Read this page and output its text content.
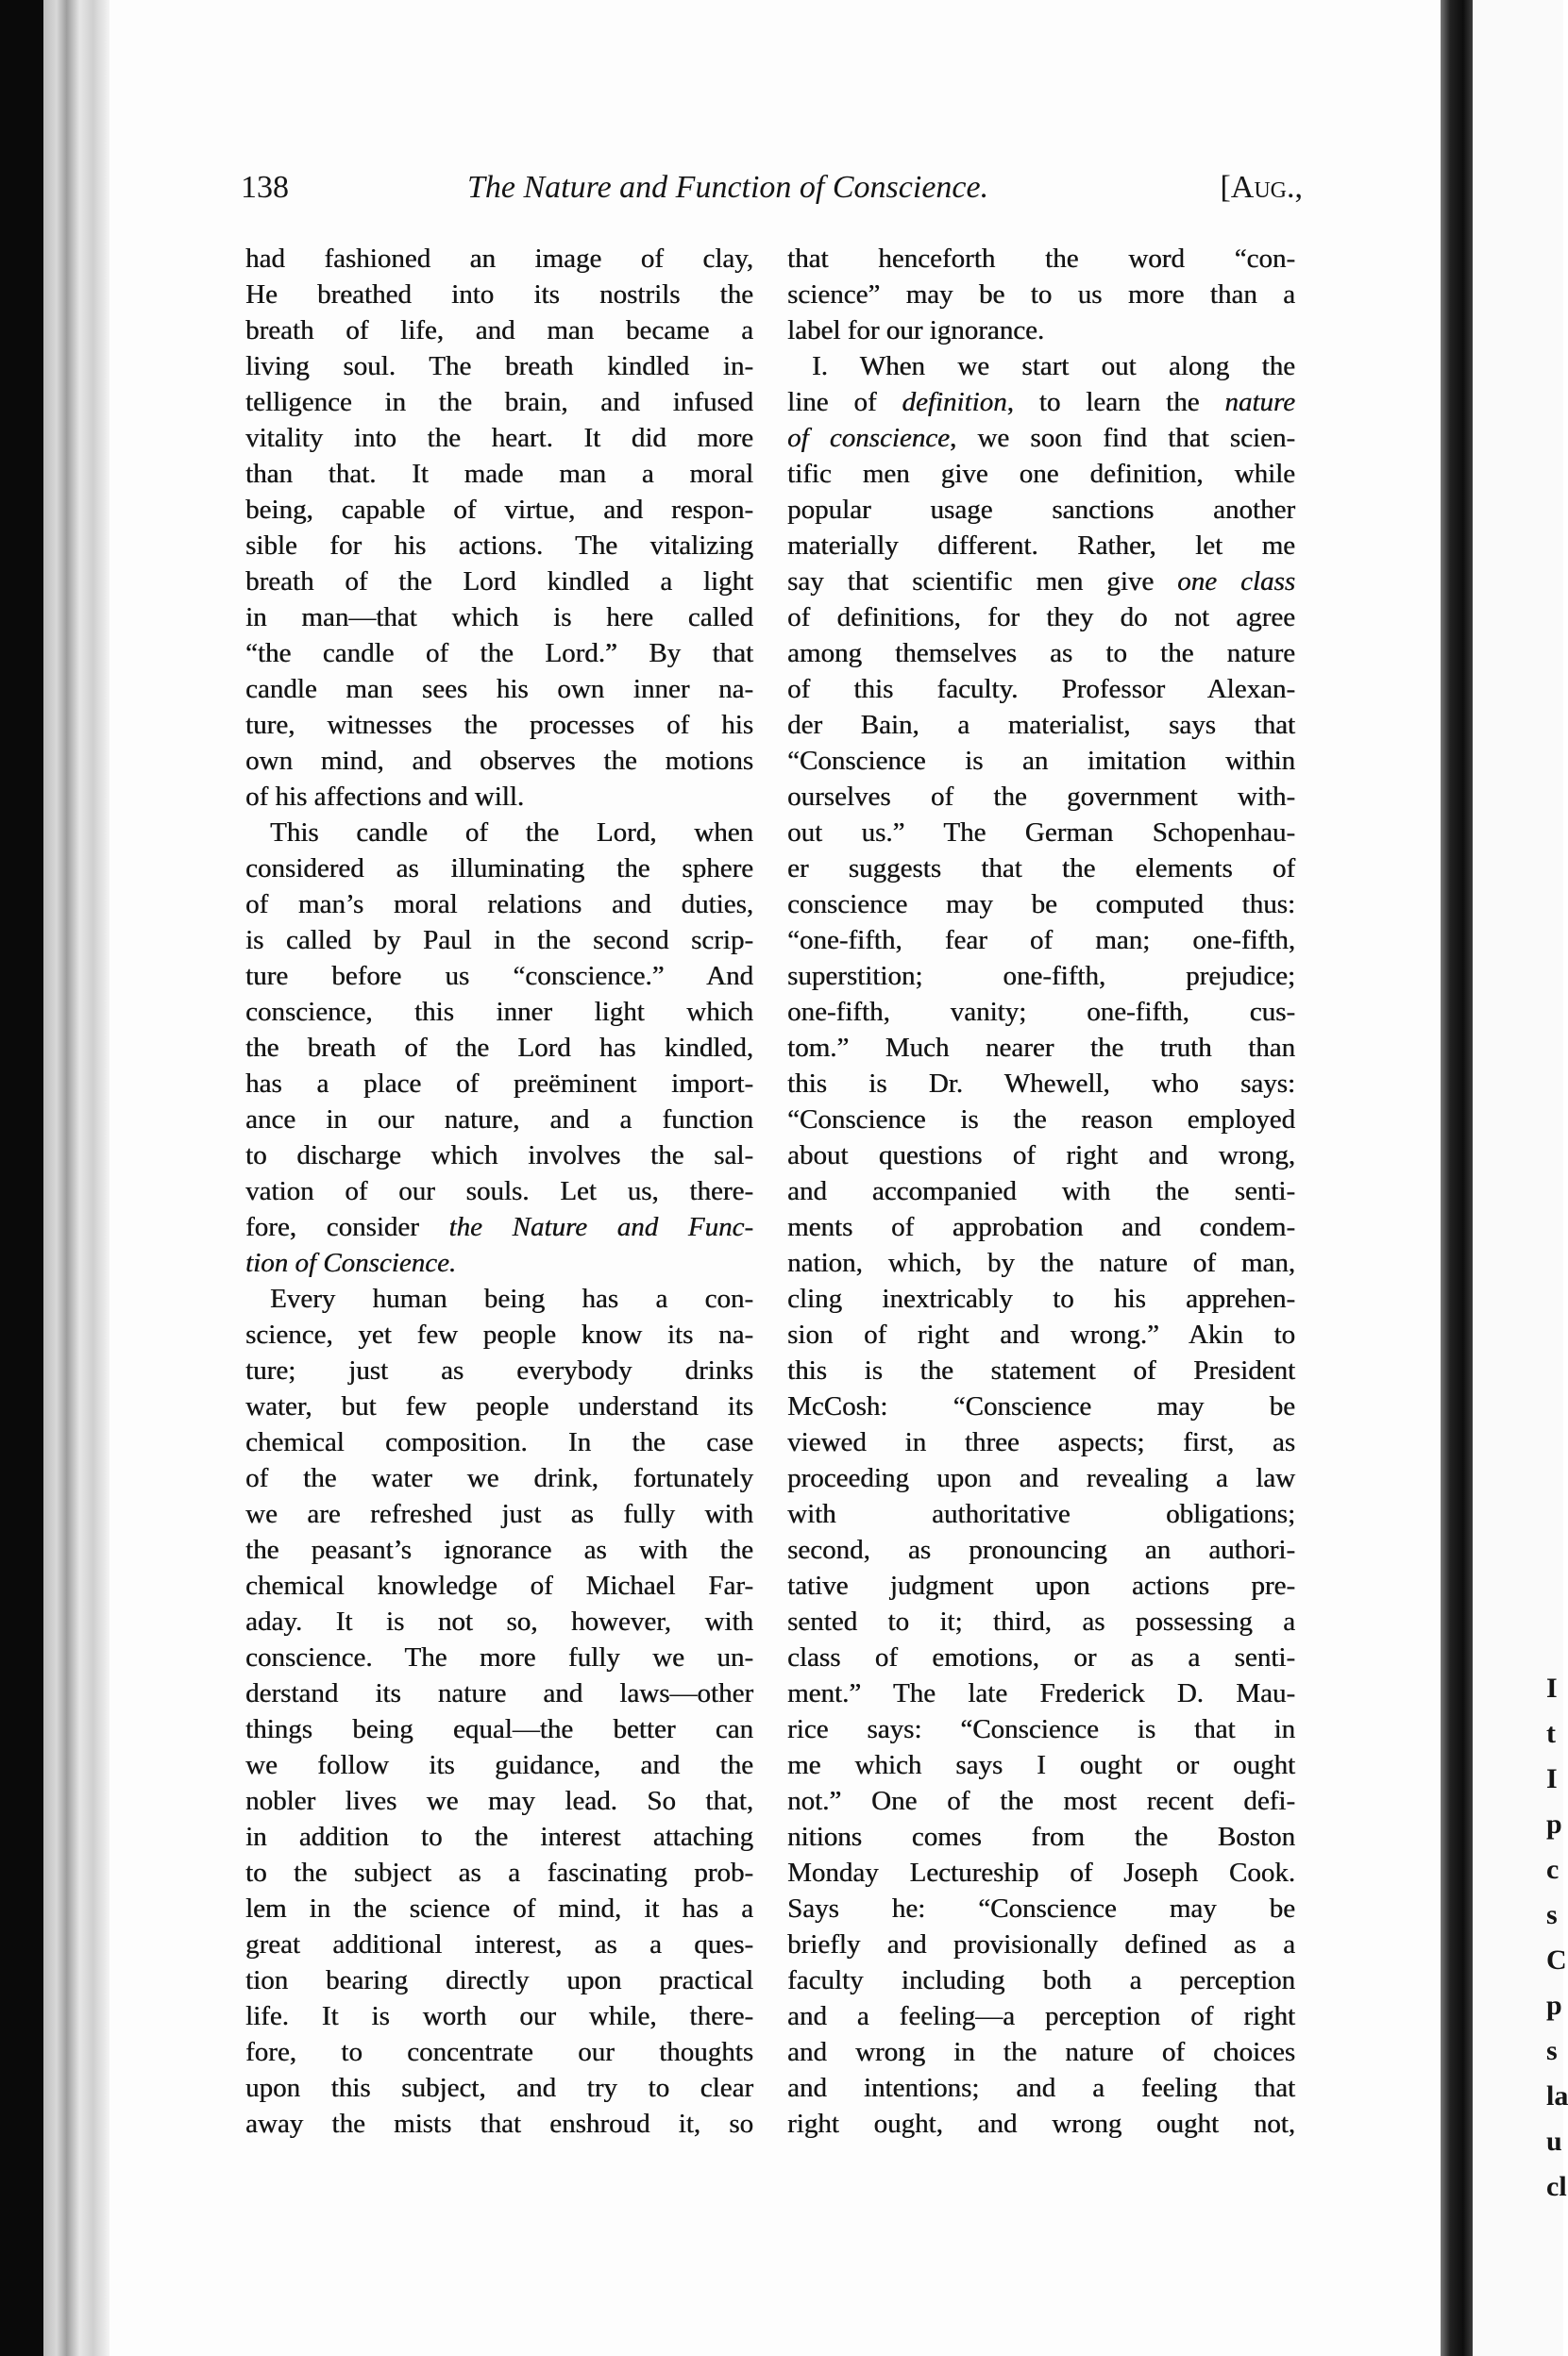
138	The Nature and Function of Conscience.	[Aug.,
had fashioned an image of clay,
He breathed into its nostrils the
breath of life, and man became a
living soul. The breath kindled in-
telligence in the brain, and infused
vitality into the heart. It did more
than that. It made man a moral
being, capable of virtue, and respon-
sible for his actions. The vitalizing
breath of the Lord kindled a light
in man—that which is here called
“the candle of the Lord.” By that
candle man sees his own inner na-
ture, witnesses the processes of his
own mind, and observes the motions
of his affections and will.
This candle of the Lord, when
considered as illuminating the sphere
of man’s moral relations and duties,
is called by Paul in the second scrip-
ture before us “conscience.” And
conscience, this inner light which
the breath of the Lord has kindled,
has a place of preëminent import-
ance in our nature, and a function
to discharge which involves the sal-
vation of our souls. Let us, there-
fore, consider the Nature and Func-
tion of Conscience.
Every human being has a con-
science, yet few people know its na-
ture; just as everybody drinks
water, but few people understand its
chemical composition. In the case
of the water we drink, fortunately
we are refreshed just as fully with
the peasant’s ignorance as with the
chemical knowledge of Michael Far-
aday. It is not so, however, with
conscience. The more fully we un-
derstand its nature and laws—other
things being equal—the better can
we follow its guidance, and the
nobler lives we may lead. So that,
in addition to the interest attaching
to the subject as a fascinating prob-
lem in the science of mind, it has a
great additional interest, as a ques-
tion bearing directly upon practical
life. It is worth our while, there-
fore, to concentrate our thoughts
upon this subject, and try to clear
away the mists that enshroud it, so
that henceforth the word “con-
science” may be to us more than a
label for our ignorance.
I. When we start out along the
line of definition, to learn the nature
of conscience, we soon find that scien-
tific men give one definition, while
popular usage sanctions another
materially different. Rather, let me
say that scientific men give one class
of definitions, for they do not agree
among themselves as to the nature
of this faculty. Professor Alexan-
der Bain, a materialist, says that
“Conscience is an imitation within
ourselves of the government with-
out us.” The German Schopenhau-
er suggests that the elements of
conscience may be computed thus:
“one-fifth, fear of man; one-fifth,
superstition; one-fifth, prejudice;
one-fifth, vanity; one-fifth, cus-
tom.” Much nearer the truth than
this is Dr. Whewell, who says:
“Conscience is the reason employed
about questions of right and wrong,
and accompanied with the senti-
ments of approbation and condem-
nation, which, by the nature of man,
cling inextricably to his apprehen-
sion of right and wrong.” Akin to
this is the statement of President
McCosh: “Conscience may be
viewed in three aspects; first, as
proceeding upon and revealing a law
with authoritative obligations;
second, as pronouncing an authori-
tative judgment upon actions pre-
sented to it; third, as possessing a
class of emotions, or as a senti-
ment.” The late Frederick D. Mau-
rice says: “Conscience is that in
me which says I ought or ought
not.” One of the most recent defi-
nitions comes from the Boston
Monday Lectureship of Joseph Cook.
Says he: “Conscience may be
briefly and provisionally defined as a
faculty including both a perception
and a feeling—a perception of right
and wrong in the nature of choices
and intentions; and a feeling that
right ought, and wrong ought not,
I
t
I
p
c
s
C
p
s
la
u
cl
